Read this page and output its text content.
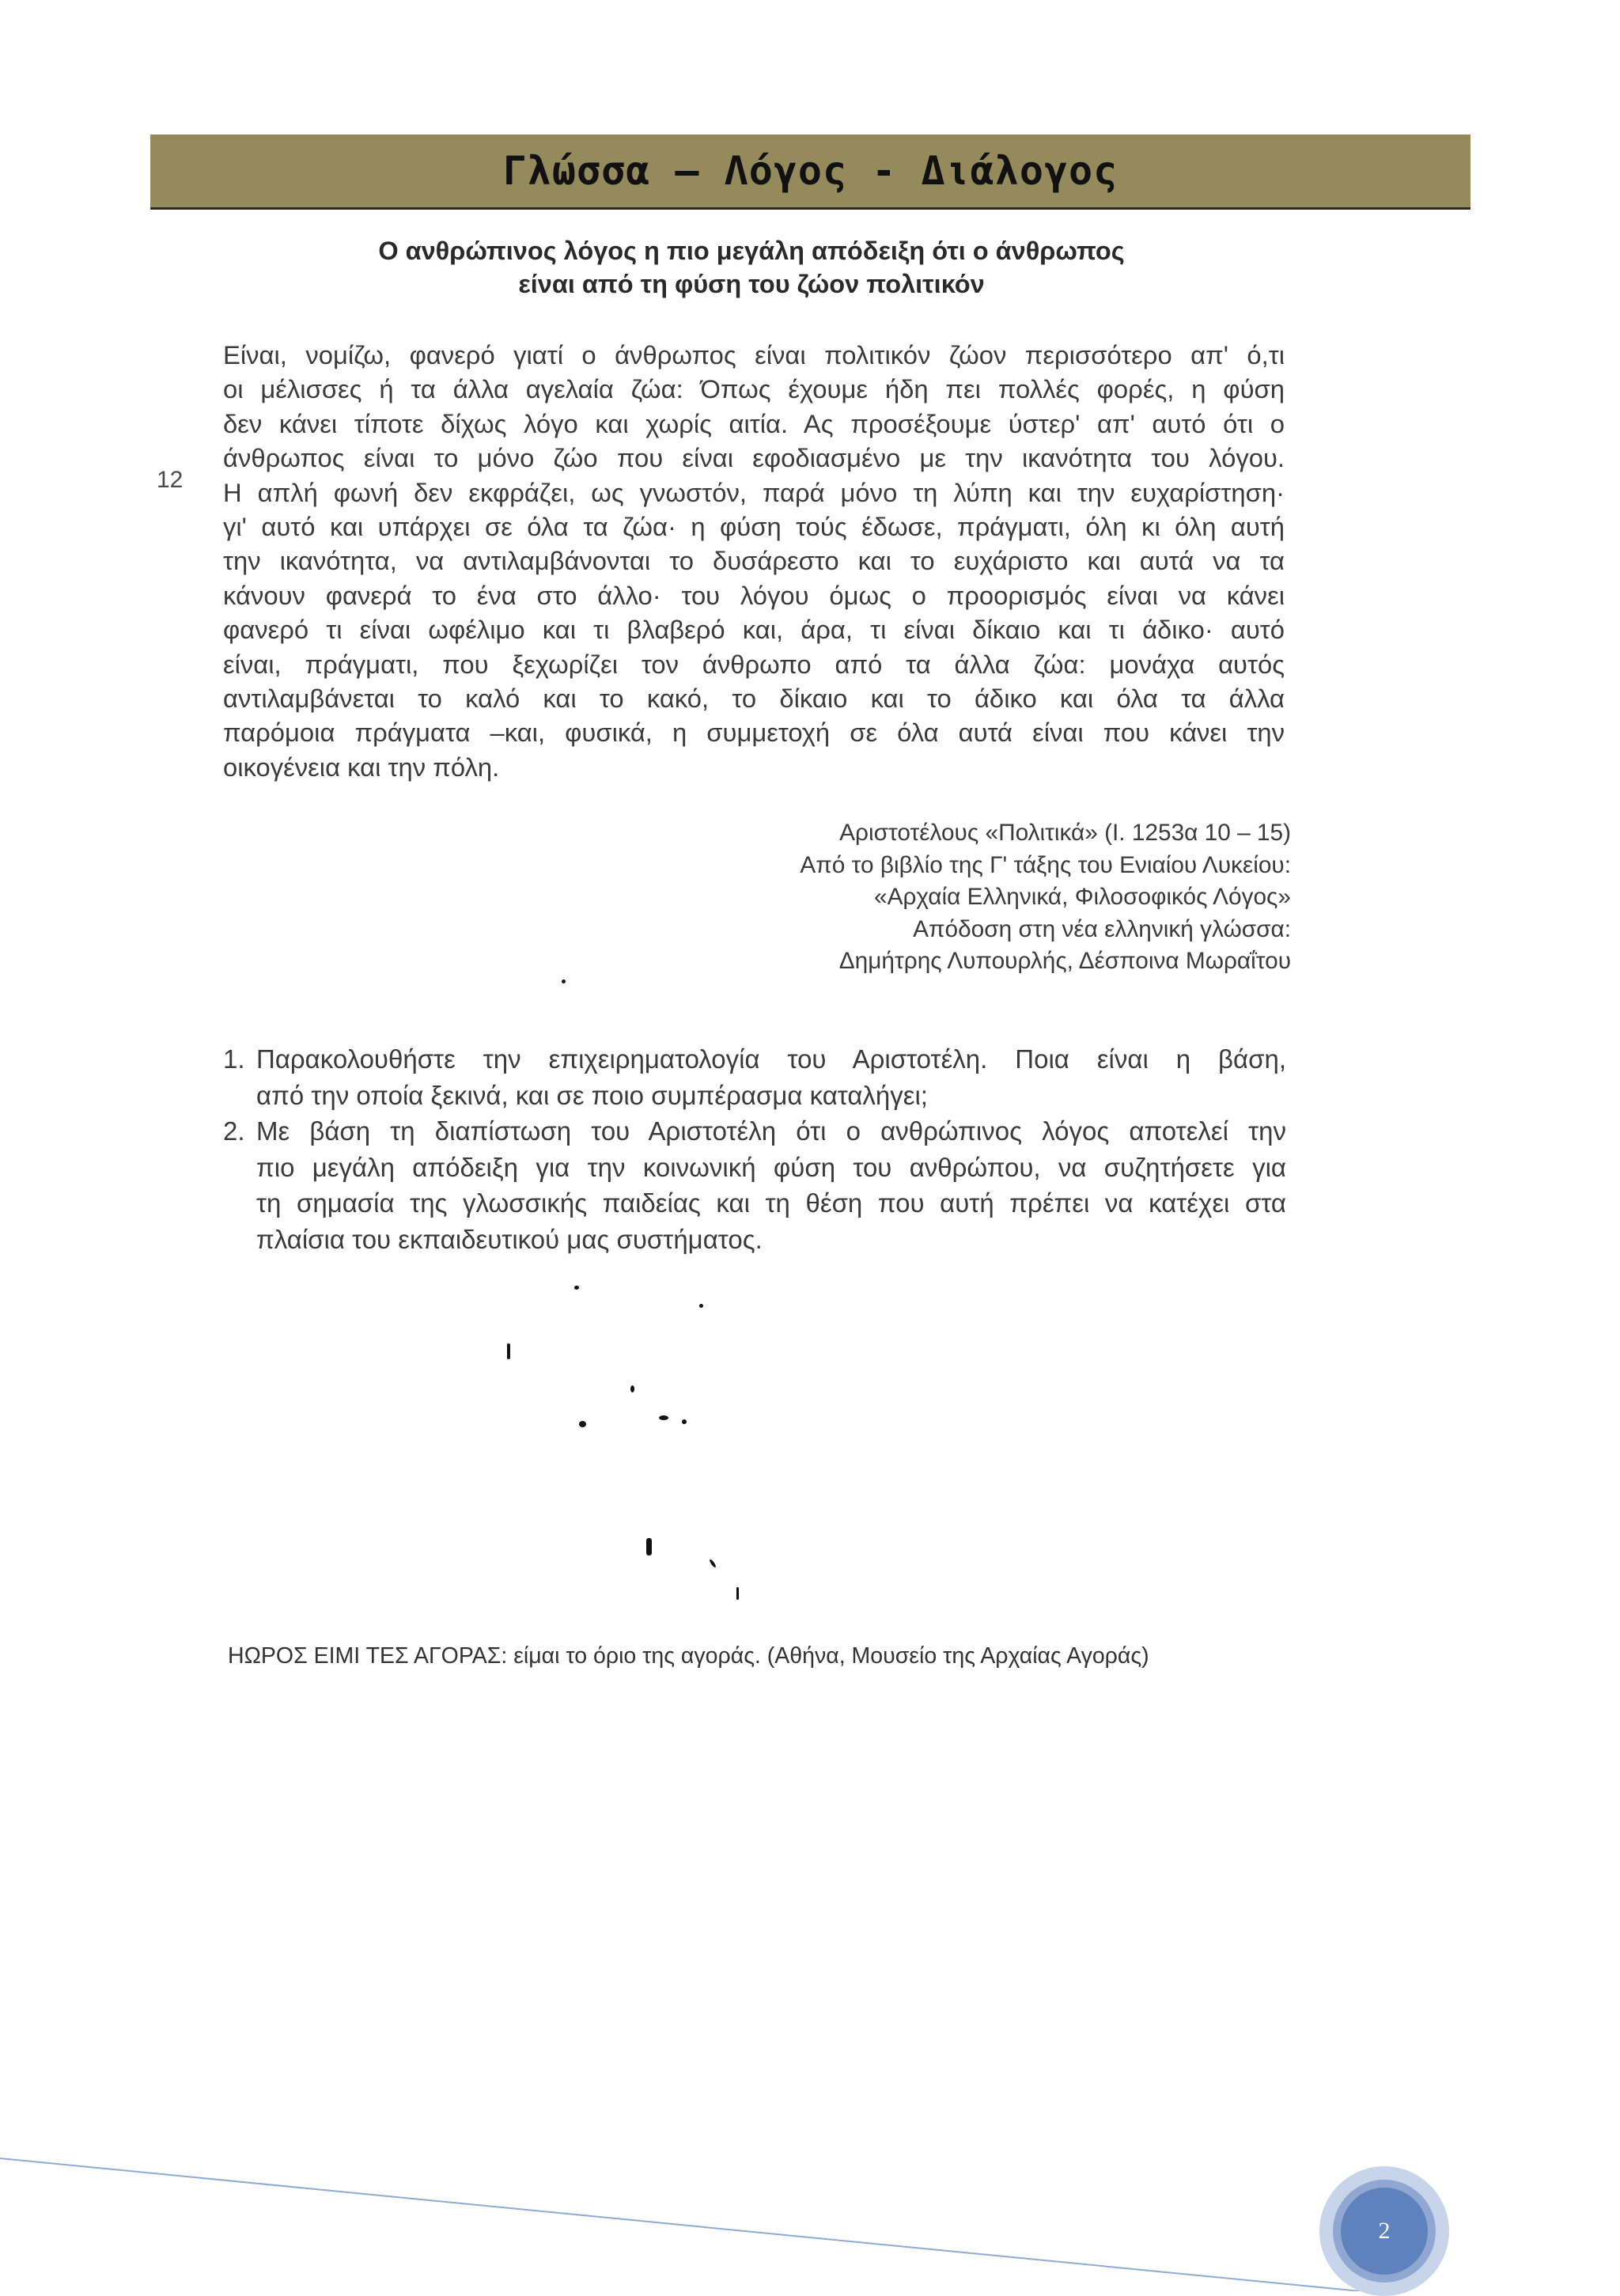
Γλώσσα – Λόγος - Διάλογος
Ο ανθρώπινος λόγος η πιο μεγάλη απόδειξη ότι ο άνθρωπος
είναι από τη φύση του ζώον πολιτικόν
12
Είναι, νομίζω, φανερό γιατί ο άνθρωπος είναι πολιτικόν ζώον περισσότερο απ' ό,τι
οι μέλισσες ή τα άλλα αγελαία ζώα: Όπως έχουμε ήδη πει πολλές φορές, η φύση
δεν κάνει τίποτε δίχως λόγο και χωρίς αιτία. Ας προσέξουμε ύστερ' απ' αυτό ότι ο
άνθρωπος είναι το μόνο ζώο που είναι εφοδιασμένο με την ικανότητα του λόγου.
Η απλή φωνή δεν εκφράζει, ως γνωστόν, παρά μόνο τη λύπη και την ευχαρίστηση·
γι' αυτό και υπάρχει σε όλα τα ζώα· η φύση τούς έδωσε, πράγματι, όλη κι όλη αυτή
την ικανότητα, να αντιλαμβάνονται το δυσάρεστο και το ευχάριστο και αυτά να τα
κάνουν φανερά το ένα στο άλλο· του λόγου όμως ο προορισμός είναι να κάνει
φανερό τι είναι ωφέλιμο και τι βλαβερό και, άρα, τι είναι δίκαιο και τι άδικο· αυτό
είναι, πράγματι, που ξεχωρίζει τον άνθρωπο από τα άλλα ζώα: μονάχα αυτός
αντιλαμβάνεται το καλό και το κακό, το δίκαιο και το άδικο και όλα τα άλλα
παρόμοια πράγματα –και, φυσικά, η συμμετοχή σε όλα αυτά είναι που κάνει την
οικογένεια και την πόλη.
Αριστοτέλους «Πολιτικά» (Ι. 1253α 10 – 15)
Από το βιβλίο της Γ' τάξης του Ενιαίου Λυκείου:
«Αρχαία Ελληνικά, Φιλοσοφικός Λόγος»
Απόδοση στη νέα ελληνική γλώσσα:
Δημήτρης Λυπουρλής, Δέσποινα Μωραΐτου
1. Παρακολουθήστε την επιχειρηματολογία του Αριστοτέλη. Ποια είναι η βάση,
από την οποία ξεκινά, και σε ποιο συμπέρασμα καταλήγει;
2. Με βάση τη διαπίστωση του Αριστοτέλη ότι ο ανθρώπινος λόγος αποτελεί την
πιο μεγάλη απόδειξη για την κοινωνική φύση του ανθρώπου, να συζητήσετε για
τη σημασία της γλωσσικής παιδείας και τη θέση που αυτή πρέπει να κατέχει στα
πλαίσια του εκπαιδευτικού μας συστήματος.
ΗΩΡΟΣ ΕΙΜΙ ΤΕΣ ΑΓΟΡΑΣ: είμαι το όριο της αγοράς. (Αθήνα, Μουσείο της Αρχαίας Αγοράς)
2
